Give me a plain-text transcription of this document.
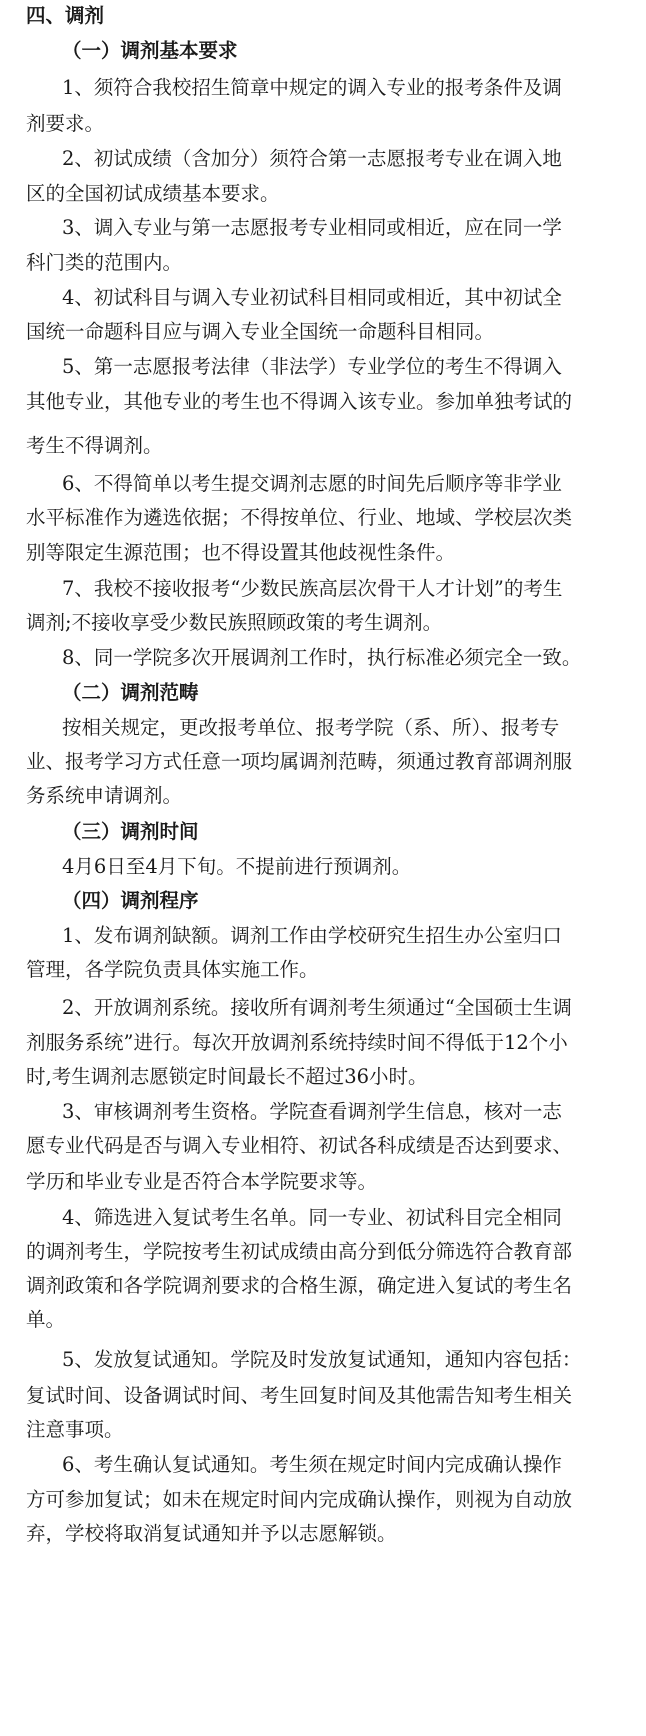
四、调剂
（一）调剂基本要求
1、须符合我校招生简章中规定的调入专业的报考条件及调
剂要求。
2、初试成绩（含加分）须符合第一志愿报考专业在调入地
区的全国初试成绩基本要求。
3、调入专业与第一志愿报考专业相同或相近，应在同一学
科门类的范围内。
4、初试科目与调入专业初试科目相同或相近，其中初试全
国统一命题科目应与调入专业全国统一命题科目相同。
5、第一志愿报考法律（非法学）专业学位的考生不得调入
其他专业，其他专业的考生也不得调入该专业。参加单独考试的
考生不得调剂。
6、不得简单以考生提交调剂志愿的时间先后顺序等非学业
水平标准作为遴选依据；不得按单位、行业、地域、学校层次类
别等限定生源范围；也不得设置其他歧视性条件。
7、我校不接收报考“少数民族高层次骨干人才计划”的考生
调剂;不接收享受少数民族照顾政策的考生调剂。
8、同一学院多次开展调剂工作时，执行标准必须完全一致。
（二）调剂范畴
按相关规定，更改报考单位、报考学院（系、所）、报考专
业、报考学习方式任意一项均属调剂范畴，须通过教育部调剂服
务系统申请调剂。
（三）调剂时间
4月6日至4月下旬。不提前进行预调剂。
（四）调剂程序
1、发布调剂缺额。调剂工作由学校研究生招生办公室归口
管理，各学院负责具体实施工作。
2、开放调剂系统。接收所有调剂考生须通过“全国硕士生调
剂服务系统”进行。每次开放调剂系统持续时间不得低于12个小
时,考生调剂志愿锁定时间最长不超过36小时。
3、审核调剂考生资格。学院查看调剂学生信息，核对一志
愿专业代码是否与调入专业相符、初试各科成绩是否达到要求、
学历和毕业专业是否符合本学院要求等。
4、筛选进入复试考生名单。同一专业、初试科目完全相同
的调剂考生，学院按考生初试成绩由高分到低分筛选符合教育部
调剂政策和各学院调剂要求的合格生源，确定进入复试的考生名
单。
5、发放复试通知。学院及时发放复试通知，通知内容包括：
复试时间、设备调试时间、考生回复时间及其他需告知考生相关
注意事项。
6、考生确认复试通知。考生须在规定时间内完成确认操作
方可参加复试；如未在规定时间内完成确认操作，则视为自动放
弃，学校将取消复试通知并予以志愿解锁。
